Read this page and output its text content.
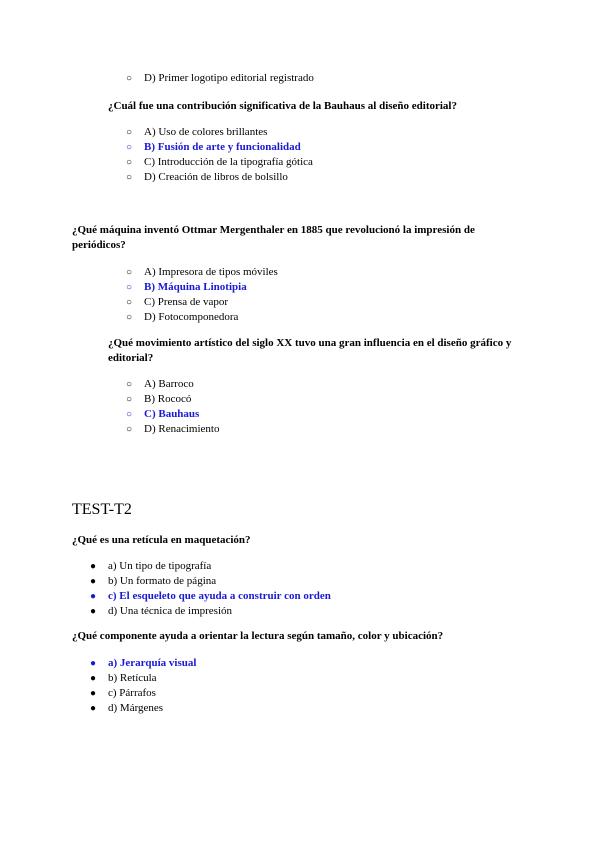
○ D) Primer logotipo editorial registrado

¿Cuál fue una contribución significativa de la Bauhaus al diseño editorial?

○ A) Uso de colores brillantes
○ B) Fusión de arte y funcionalidad
○ C) Introducción de la tipografía gótica
○ D) Creación de libros de bolsillo

¿Qué máquina inventó Ottmar Mergenthaler en 1885 que revolucionó la impresión de periódicos?

○ A) Impresora de tipos móviles
○ B) Máquina Linotipia
○ C) Prensa de vapor
○ D) Fotocomponedora

¿Qué movimiento artístico del siglo XX tuvo una gran influencia en el diseño gráfico y editorial?

○ A) Barroco
○ B) Rococó
○ C) Bauhaus
○ D) Renacimiento
TEST-T2

¿Qué es una retícula en maquetación?

● a) Un tipo de tipografía
● b) Un formato de página
● c) El esqueleto que ayuda a construir con orden
● d) Una técnica de impresión

¿Qué componente ayuda a orientar la lectura según tamaño, color y ubicación?

● a) Jerarquía visual
● b) Retícula
● c) Párrafos
● d) Márgenes
